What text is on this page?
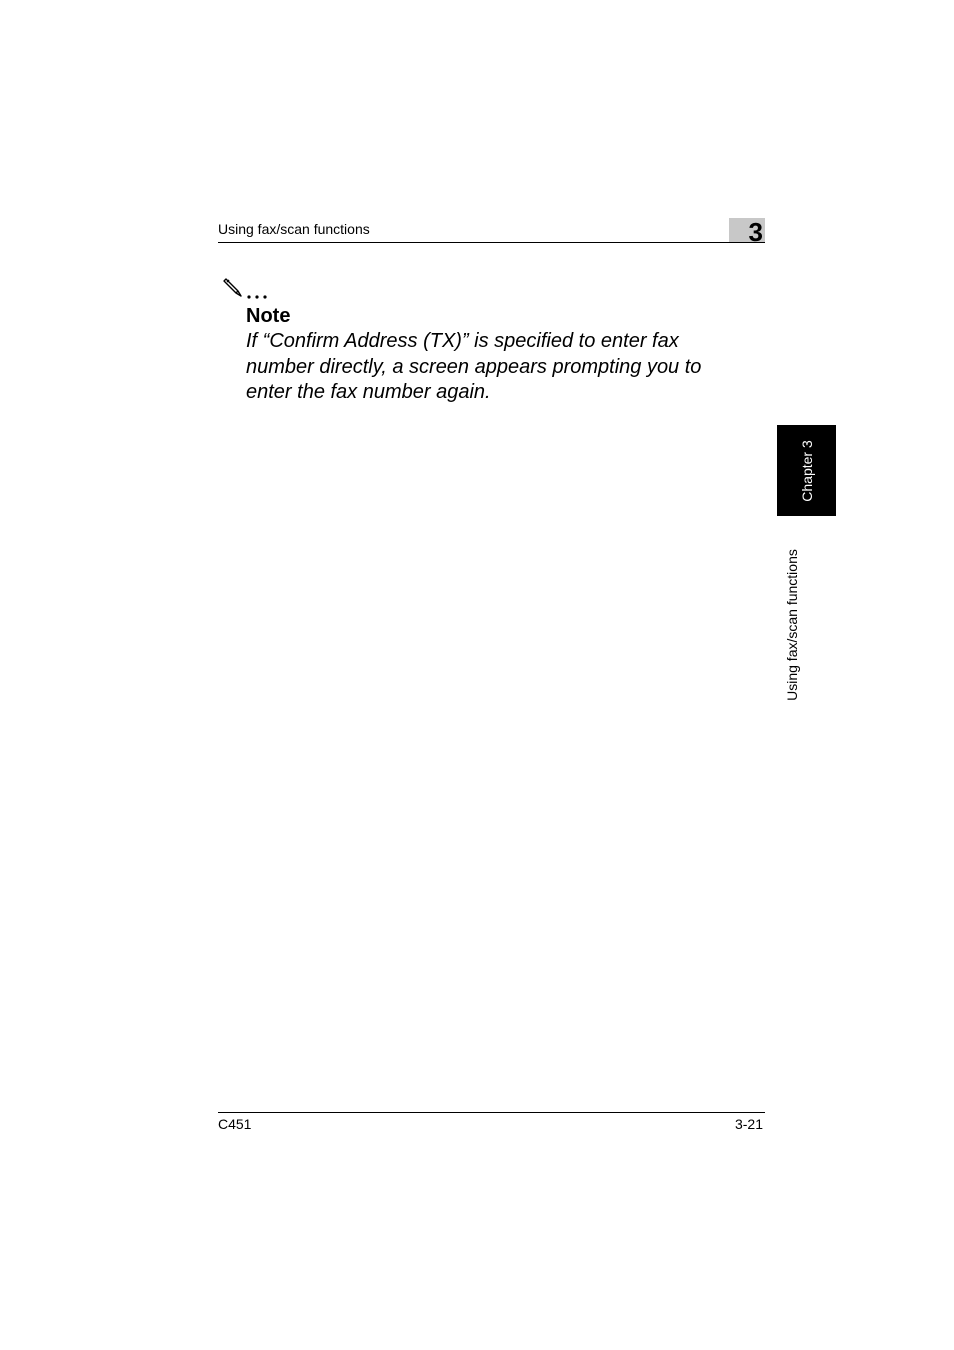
Using fax/scan functions	3
Note
If “Confirm Address (TX)” is specified to enter fax number directly, a screen appears prompting you to enter the fax number again.
Chapter 3
Using fax/scan functions
C451	3-21
